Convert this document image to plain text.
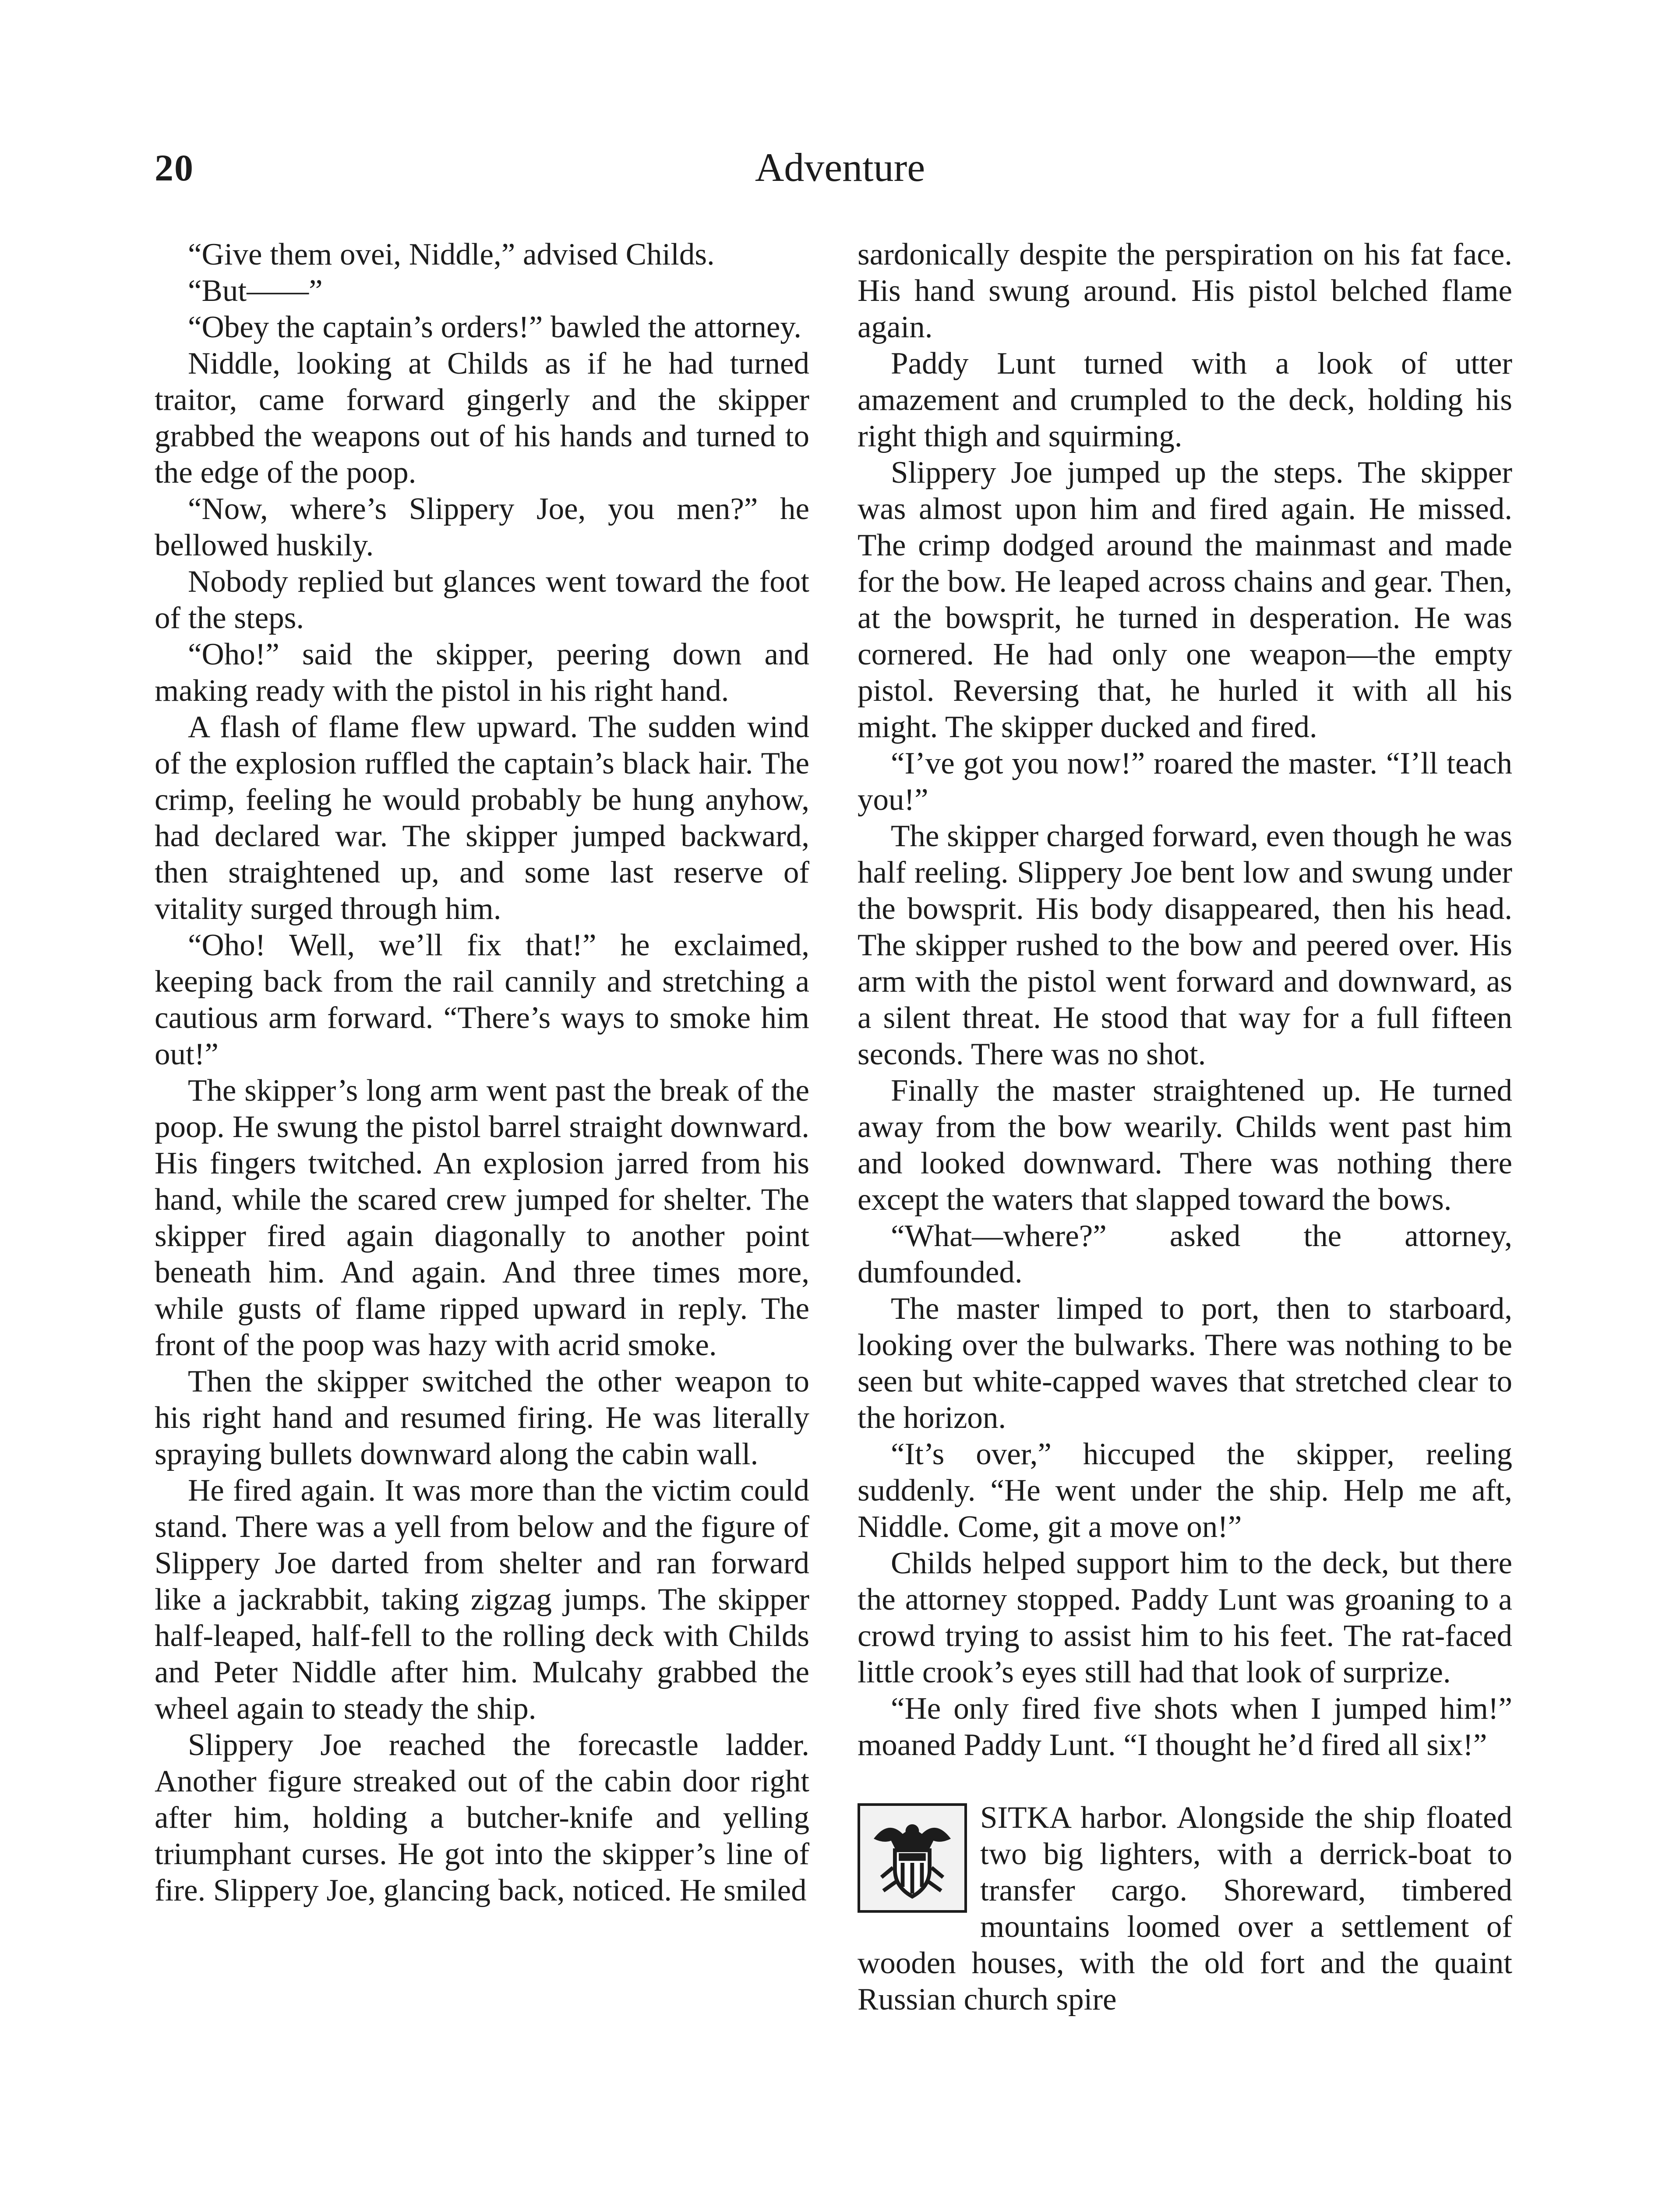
20	Adventure

“Give them ovei, Niddle,” advised Childs.

“But——”

“Obey the captain’s orders!” bawled the attorney.

Niddle, looking at Childs as if he had turned traitor, came forward gingerly and the skipper grabbed the weapons out of his hands and turned to the edge of the poop.

“Now, where’s Slippery Joe, you men?” he bellowed huskily.

Nobody replied but glances went toward the foot of the steps.

“Oho!” said the skipper, peering down and making ready with the pistol in his right hand.

A flash of flame flew upward. The sudden wind of the explosion ruffled the captain’s black hair. The crimp, feeling he would probably be hung anyhow, had declared war. The skipper jumped backward, then straightened up, and some last reserve of vitality surged through him.

“Oho! Well, we’ll fix that!” he exclaimed, keeping back from the rail cannily and stretching a cautious arm forward. “There’s ways to smoke him out!”

The skipper’s long arm went past the break of the poop. He swung the pistol barrel straight downward. His fingers twitched. An explosion jarred from his hand, while the scared crew jumped for shelter. The skipper fired again diagonally to another point beneath him. And again. And three times more, while gusts of flame ripped upward in reply. The front of the poop was hazy with acrid smoke.

Then the skipper switched the other weapon to his right hand and resumed firing. He was literally spraying bullets downward along the cabin wall.

He fired again. It was more than the victim could stand. There was a yell from below and the figure of Slippery Joe darted from shelter and ran forward like a jackrabbit, taking zigzag jumps. The skipper half-leaped, half-fell to the rolling deck with Childs and Peter Niddle after him. Mulcahy grabbed the wheel again to steady the ship.

Slippery Joe reached the forecastle ladder. Another figure streaked out of the cabin door right after him, holding a butcher-knife and yelling triumphant curses. He got into the skipper’s line of fire. Slippery Joe, glancing back, noticed. He smiled

sardonically despite the perspiration on his fat face. His hand swung around. His pistol belched flame again.

Paddy Lunt turned with a look of utter amazement and crumpled to the deck, holding his right thigh and squirming.

Slippery Joe jumped up the steps. The skipper was almost upon him and fired again. He missed. The crimp dodged around the mainmast and made for the bow. He leaped across chains and gear. Then, at the bowsprit, he turned in desperation. He was cornered. He had only one weapon—the empty pistol. Reversing that, he hurled it with all his might. The skipper ducked and fired.

“I’ve got you now!” roared the master. “I’ll teach you!”

The skipper charged forward, even though he was half reeling. Slippery Joe bent low and swung under the bowsprit. His body disappeared, then his head. The skipper rushed to the bow and peered over. His arm with the pistol went forward and downward, as a silent threat. He stood that way for a full fifteen seconds. There was no shot.

Finally the master straightened up. He turned away from the bow wearily. Childs went past him and looked downward. There was nothing there except the waters that slapped toward the bows.

“What—where?” asked the attorney, dumfounded.

The master limped to port, then to starboard, looking over the bulwarks. There was nothing to be seen but white-capped waves that stretched clear to the horizon.

“It’s over,” hiccuped the skipper, reeling suddenly. “He went under the ship. Help me aft, Niddle. Come, git a move on!”

Childs helped support him to the deck, but there the attorney stopped. Paddy Lunt was groaning to a crowd trying to assist him to his feet. The rat-faced little crook’s eyes still had that look of surprize.

“He only fired five shots when I jumped him!” moaned Paddy Lunt. “I thought he’d fired all six!”

SITKA harbor. Alongside the ship floated two big lighters, with a derrick-boat to transfer cargo. Shoreward, timbered mountains loomed over a settlement of wooden houses, with the old fort and the quaint Russian church spire
